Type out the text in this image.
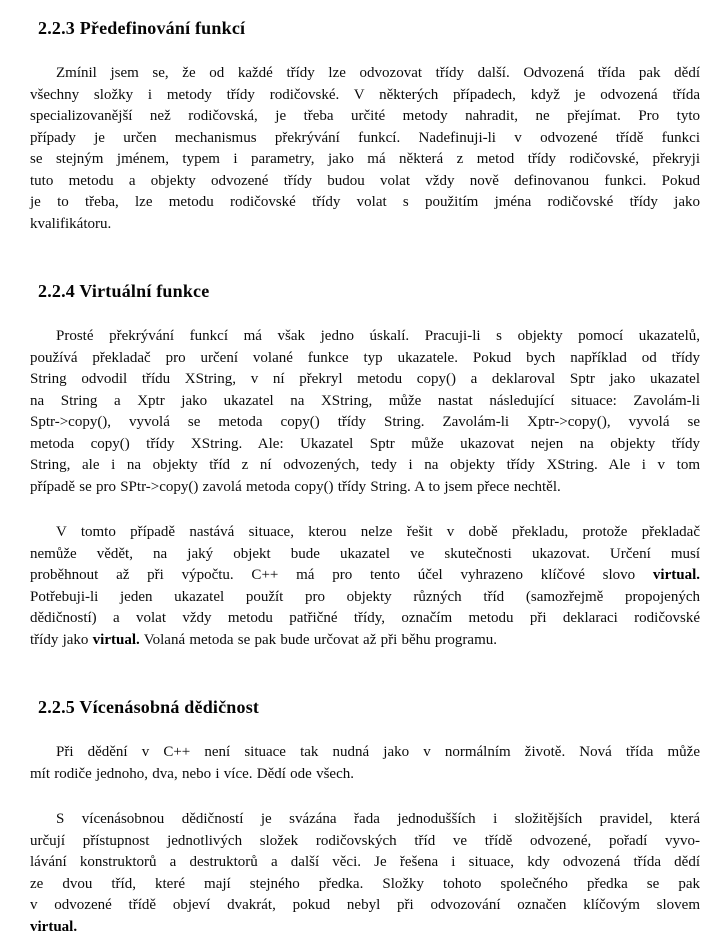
2.2.3 Předefinování funkcí
Zmínil jsem se, že od každé třídy lze odvozovat třídy další. Odvozená třída pak dědí
všechny složky i metody třídy rodičovské. V některých případech, když je odvozená třída
specializovanější než rodičovská, je třeba určité metody nahradit, ne přejímat. Pro tyto
případy je určen mechanismus překrývání funkcí. Nadefinuji-li v odvozené třídě funkci
se stejným jménem, typem i parametry, jako má některá z metod třídy rodičovské, překryji
tuto metodu a objekty odvozené třídy budou volat vždy nově definovanou funkci. Pokud
je to třeba, lze metodu rodičovské třídy volat s použitím jména rodičovské třídy jako
kvalifikátoru.
2.2.4 Virtuální funkce
Prosté překrývání funkcí má však jedno úskalí. Pracuji-li s objekty pomocí ukazatelů,
používá překladač pro určení volané funkce typ ukazatele. Pokud bych například od třídy
String odvodil třídu XString, v ní překryl metodu copy() a deklaroval Sptr jako ukazatel
na String a Xptr jako ukazatel na XString, může nastat následující situace: Zavolám-li
Sptr->copy(), vyvolá se metoda copy() třídy String. Zavolám-li Xptr->copy(), vyvolá se
metoda copy() třídy XString. Ale: Ukazatel Sptr může ukazovat nejen na objekty třídy
String, ale i na objekty tříd z ní odvozených, tedy i na objekty třídy XString. Ale i v tom
případě se pro SPtr->copy() zavolá metoda copy() třídy String. A to jsem přece nechtěl.
V tomto případě nastává situace, kterou nelze řešit v době překladu, protože překladač
nemůže vědět, na jaký objekt bude ukazatel ve skutečnosti ukazovat. Určení musí
proběhnout až při výpočtu. C++ má pro tento účel vyhrazeno klíčové slovo virtual.
Potřebuji-li jeden ukazatel použít pro objekty různých tříd (samozřejmě propojených
dědičností) a volat vždy metodu patřičné třídy, označím metodu při deklaraci rodičovské
třídy jako virtual. Volaná metoda se pak bude určovat až při běhu programu.
2.2.5 Vícenásobná dědičnost
Při dědění v C++ není situace tak nudná jako v normálním životě. Nová třída může
mít rodiče jednoho, dva, nebo i více. Dědí ode všech.
S vícenásobnou dědičností je svázána řada jednodušších i složitějších pravidel, která
určují přístupnost jednotlivých složek rodičovských tříd ve třídě odvozené, pořadí vyvo-
lávání konstruktorů a destruktorů a další věci. Je řešena i situace, kdy odvozená třída dědí
ze dvou tříd, které mají stejného předka. Složky tohoto společného předka se pak
v odvozené třídě objeví dvakrát, pokud nebyl při odvozování označen klíčovým slovem
virtual.
